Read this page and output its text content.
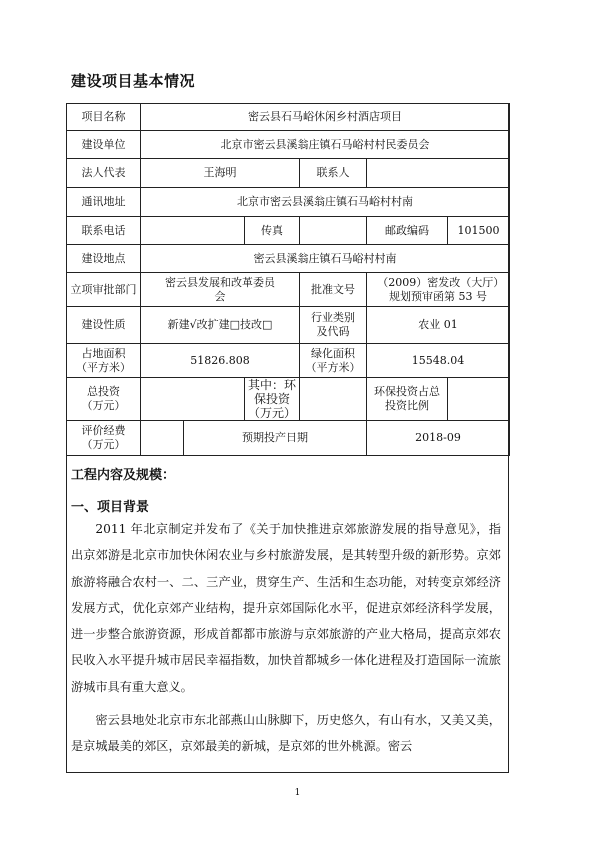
建设项目基本情况
项目名称	密云县石马峪休闲乡村酒店项目					
建设单位	北京市密云县溪翁庄镇石马峪村村民委员会					
法人代表	王海明			联系人		
通讯地址	北京市密云县溪翁庄镇石马峪村村南					
联系电话			传真		邮政编码	101500
建设地点	密云县溪翁庄镇石马峪村村南					
立项审批部门	密云县发展和改革委员会			批准文号	（2009）密发改（大厅）规划预审函第 53 号	
建设性质	新建√改扩建□技改□			行业类别及代码	农业 01	
占地面积（平方米）	51826.808			绿化面积（平方米）	15548.04	
总投资（万元）			其中：环保投资（万元）		环保投资占总投资比例	
评价经费（万元）		预期投产日期			2018-09	
工程内容及规模：
一、项目背景

2011 年北京制定并发布了《关于加快推进京郊旅游发展的指导意见》，指出京郊游是北京市加快休闲农业与乡村旅游发展，是其转型升级的新形势。京郊旅游将融合农村一、二、三产业，贯穿生产、生活和生态功能，对转变京郊经济发展方式，优化京郊产业结构，提升京郊国际化水平，促进京郊经济科学发展，进一步整合旅游资源，形成首都都市旅游与京郊旅游的产业大格局，提高京郊农民收入水平提升城市居民幸福指数，加快首都城乡一体化进程及打造国际一流旅游城市具有重大意义。

密云县地处北京市东北部燕山山脉脚下，历史悠久，有山有水，又美又美，是京城最美的郊区，京郊最美的新城，是京郊的世外桃源。密云

1
